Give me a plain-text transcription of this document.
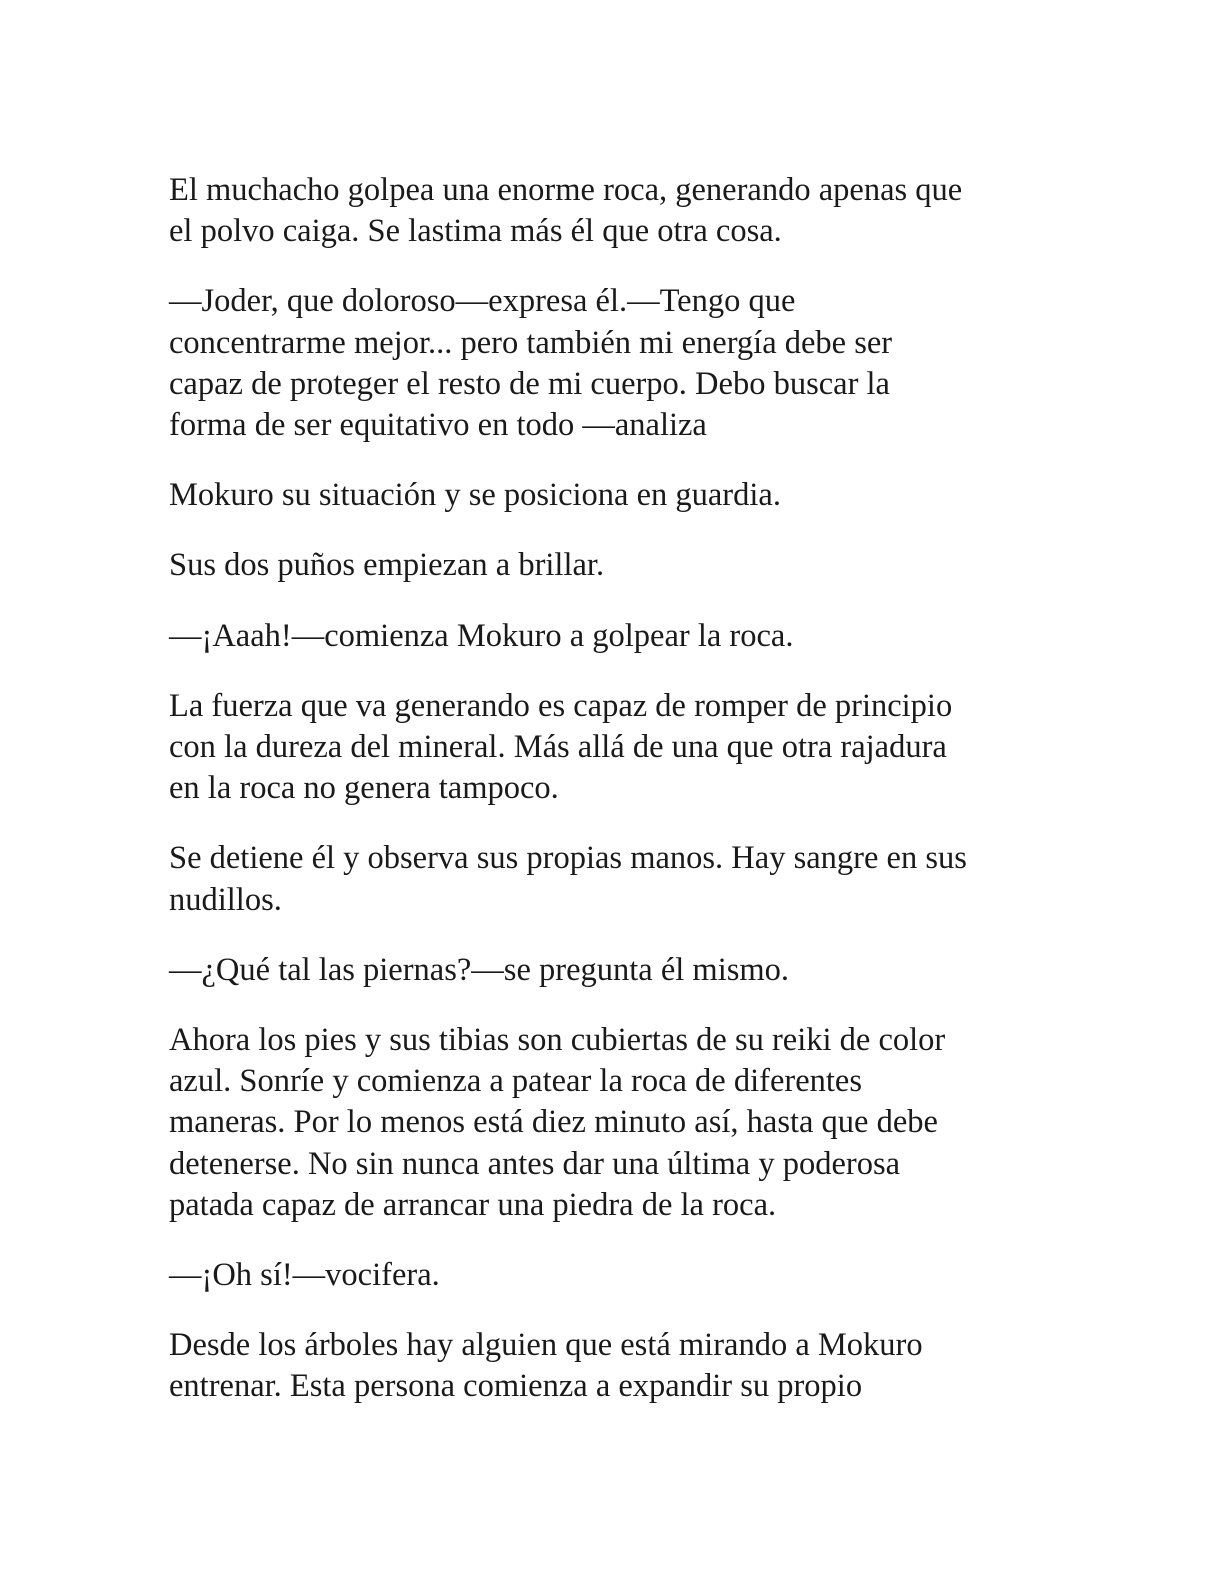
El muchacho golpea una enorme roca, generando apenas que
el polvo caiga. Se lastima más él que otra cosa.

—Joder, que doloroso—expresa él.—Tengo que
concentrarme mejor... pero también mi energía debe ser
capaz de proteger el resto de mi cuerpo. Debo buscar la
forma de ser equitativo en todo —analiza

Mokuro su situación y se posiciona en guardia.

Sus dos puños empiezan a brillar.

—¡Aaah!—comienza Mokuro a golpear la roca.

La fuerza que va generando es capaz de romper de principio
con la dureza del mineral. Más allá de una que otra rajadura
en la roca no genera tampoco.

Se detiene él y observa sus propias manos. Hay sangre en sus
nudillos.

—¿Qué tal las piernas?—se pregunta él mismo.

Ahora los pies y sus tibias son cubiertas de su reiki de color
azul. Sonríe y comienza a patear la roca de diferentes
maneras. Por lo menos está diez minuto así, hasta que debe
detenerse. No sin nunca antes dar una última y poderosa
patada capaz de arrancar una piedra de la roca.

—¡Oh sí!—vocifera.

Desde los árboles hay alguien que está mirando a Mokuro
entrenar. Esta persona comienza a expandir su propio
